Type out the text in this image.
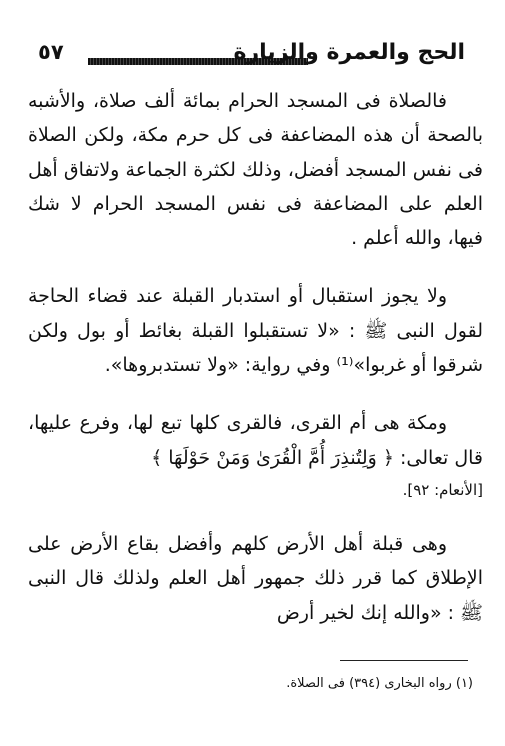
٥٧	الحج والعمرة والزيارة

فالصلاة فى المسجد الحرام بمائة ألف صلاة، والأشبه بالصحة أن هذه المضاعفة فى كل حرم مكة، ولكن الصلاة فى نفس المسجد أفضل، وذلك لكثرة الجماعة ولاتفاق أهل العلم على المضاعفة فى نفس المسجد الحرام لا شك فيها، والله أعلم .

ولا يجوز استقبال أو استدبار القبلة عند قضاء الحاجة لقول النبى ﷺ : «لا تستقبلوا القبلة بغائط أو بول ولكن شرقوا أو غربوا»⁽¹⁾ وفي رواية: «ولا تستدبروها».

ومكة هى أم القرى، فالقرى كلها تبع لها، وفرع عليها، قال تعالى: ﴿ وَلِتُنذِرَ أُمَّ الْقُرَىٰ وَمَنْ حَوْلَهَا ﴾

[الأنعام: ٩٢].

وهى قبلة أهل الأرض كلهم وأفضل بقاع الأرض على الإطلاق كما قرر ذلك جمهور أهل العلم ولذلك قال النبى ﷺ : «والله إنك لخير أرض

(١) رواه البخارى (٣٩٤) فى الصلاة.
